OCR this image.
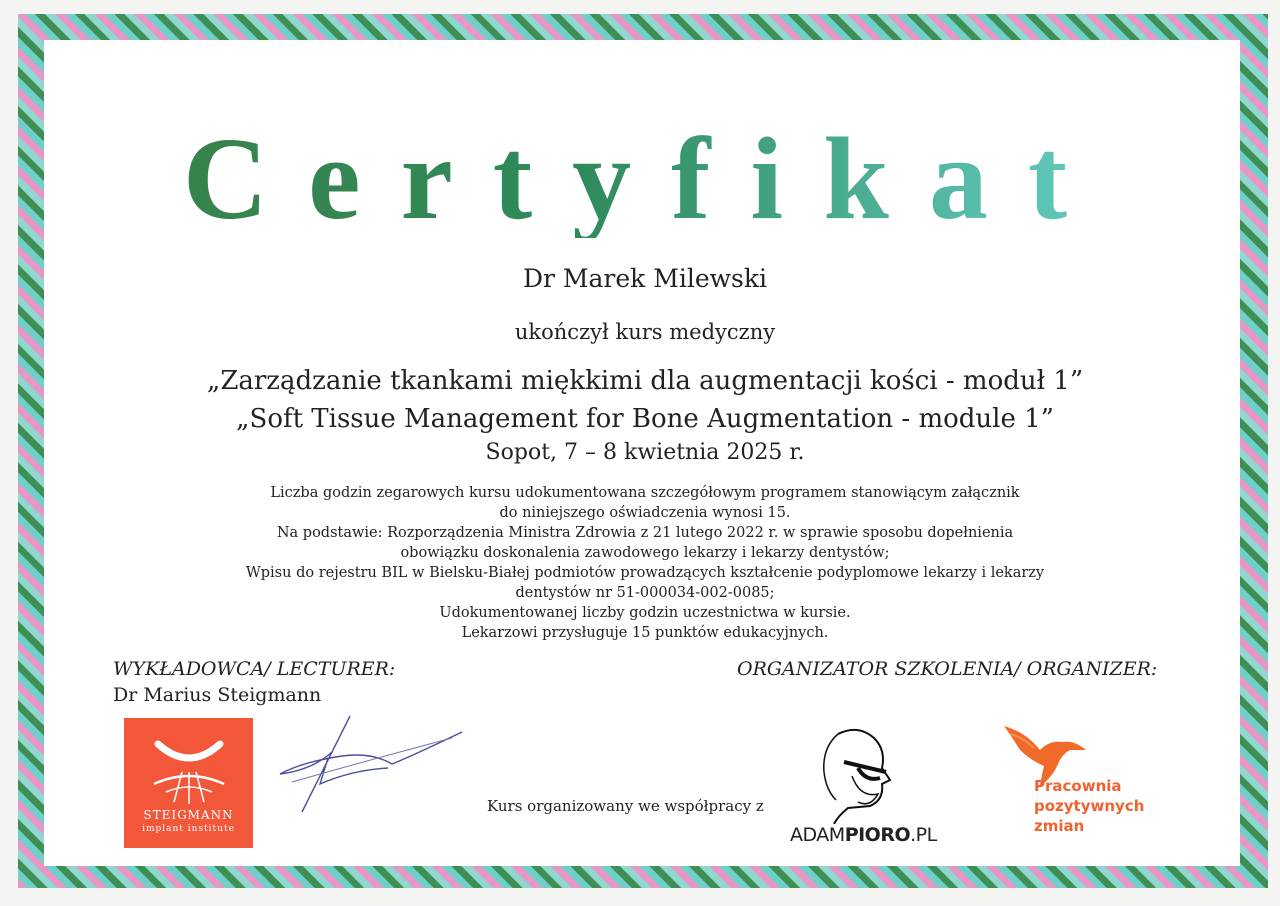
Certyfikat
Dr Marek Milewski
ukończył kurs medyczny
„Zarządzanie tkankami miękkimi dla augmentacji kości - moduł 1”
„Soft Tissue Management for Bone Augmentation - module 1”
Sopot, 7 – 8 kwietnia 2025 r.

Liczba godzin zegarowych kursu udokumentowana szczegółowym programem stanowiącym załącznik

do niniejszego oświadczenia wynosi 15.

Na podstawie: Rozporządzenia Ministra Zdrowia z 21 lutego 2022 r. w sprawie sposobu dopełnienia

obowiązku doskonalenia zawodowego lekarzy i lekarzy dentystów;

Wpisu do rejestru BIL w Bielsku-Białej podmiotów prowadzących kształcenie podyplomowe lekarzy i lekarzy

dentystów nr 51-000034-002-0085;

Udokumentowanej liczby godzin uczestnictwa w kursie.

Lekarzowi przysługuje 15 punktów edukacyjnych.

WYKŁADOWCA/ LECTURER:
Dr Marius Steigmann
ORGANIZATOR SZKOLENIA/ ORGANIZER:
STEIGMANN
implant institute
Kurs organizowany we współpracy z
ADAMPIORO.PL
Pracownia
pozytywnych
zmian
